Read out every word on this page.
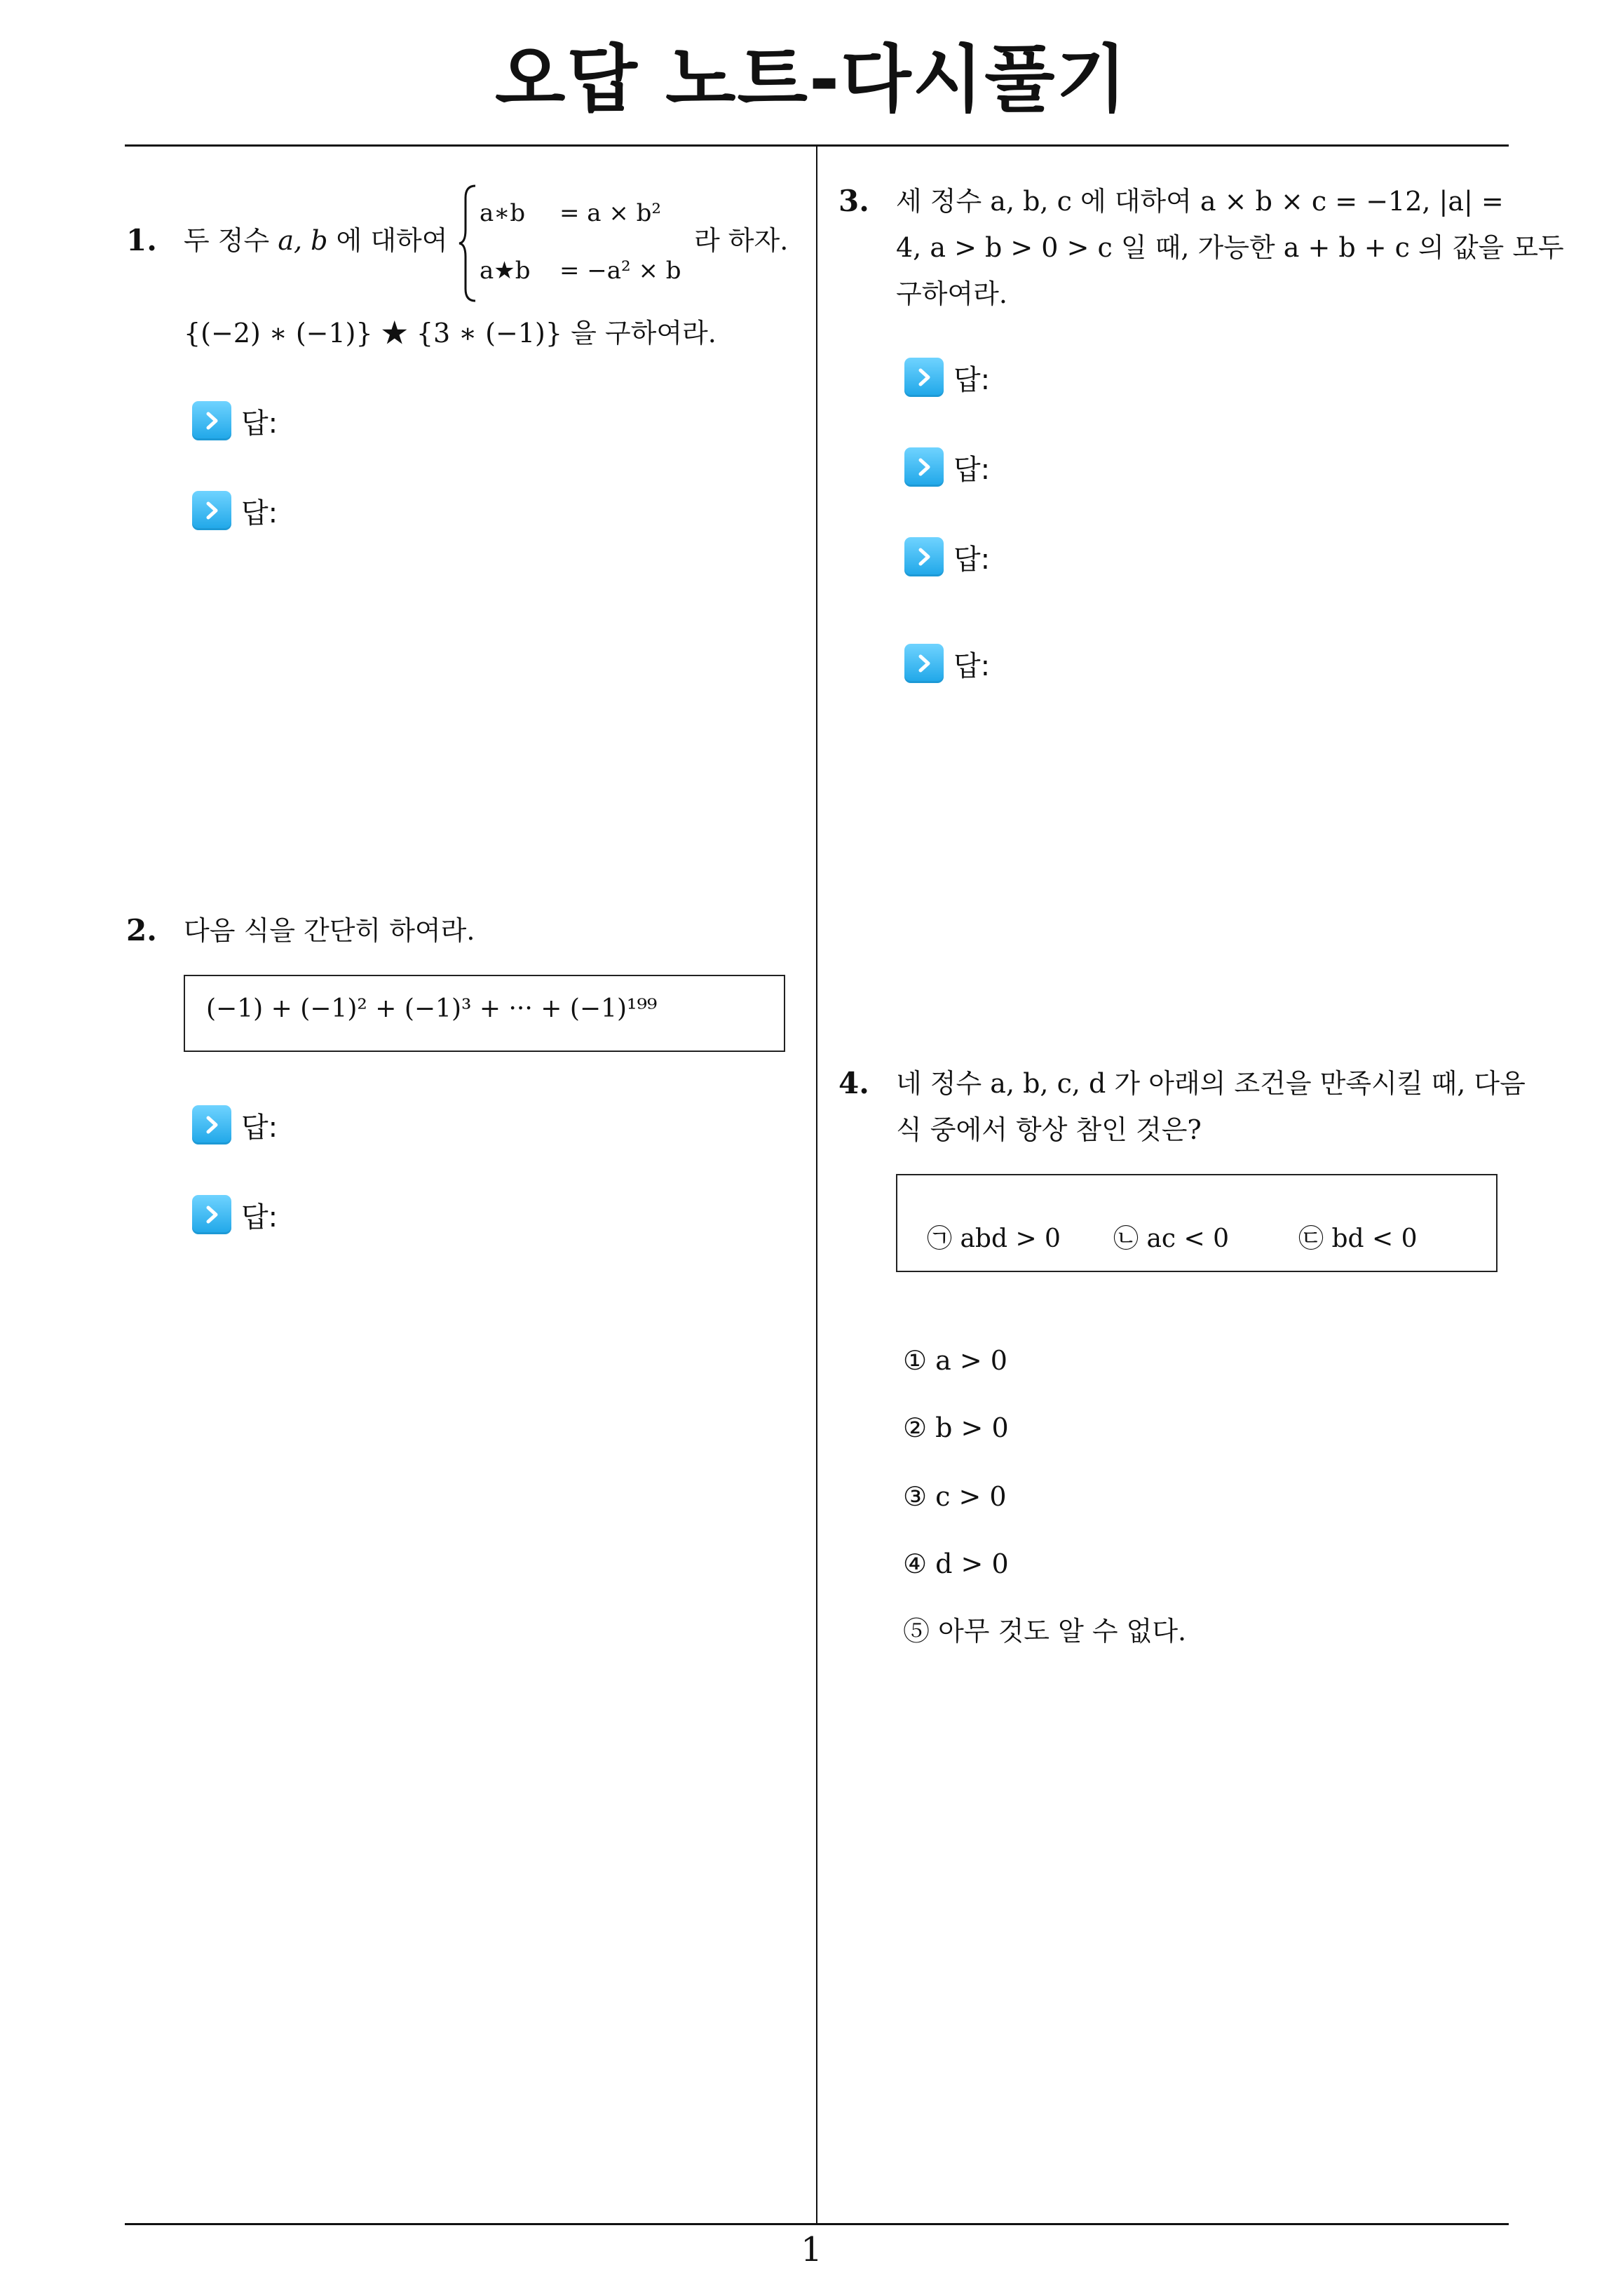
오답 노트-다시풀기
1. 두 정수 a, b 에 대하여
a∗b = a × b²
a★b = −a² × b
라 하자.
{(−2) ∗ (−1)} ★ {3 ∗ (−1)} 을 구하여라.
답:
답:
2. 다음 식을 간단히 하여라.
(−1) + (−1)² + (−1)³ + ··· + (−1)¹⁹⁹
답:
답:
3. 세 정수 a, b, c 에 대하여 a × b × c = −12, |a| =
4, a > b > 0 > c 일 때, 가능한 a + b + c 의 값을 모두
구하여라.
답:
답:
답:
답:
4. 네 정수 a, b, c, d 가 아래의 조건을 만족시킬 때, 다음
식 중에서 항상 참인 것은?
㉠ abd > 0 ㉡ ac < 0	㉢ bd < 0
① a > 0
② b > 0
③ c > 0
④ d > 0
⑤ 아무 것도 알 수 없다.
1
